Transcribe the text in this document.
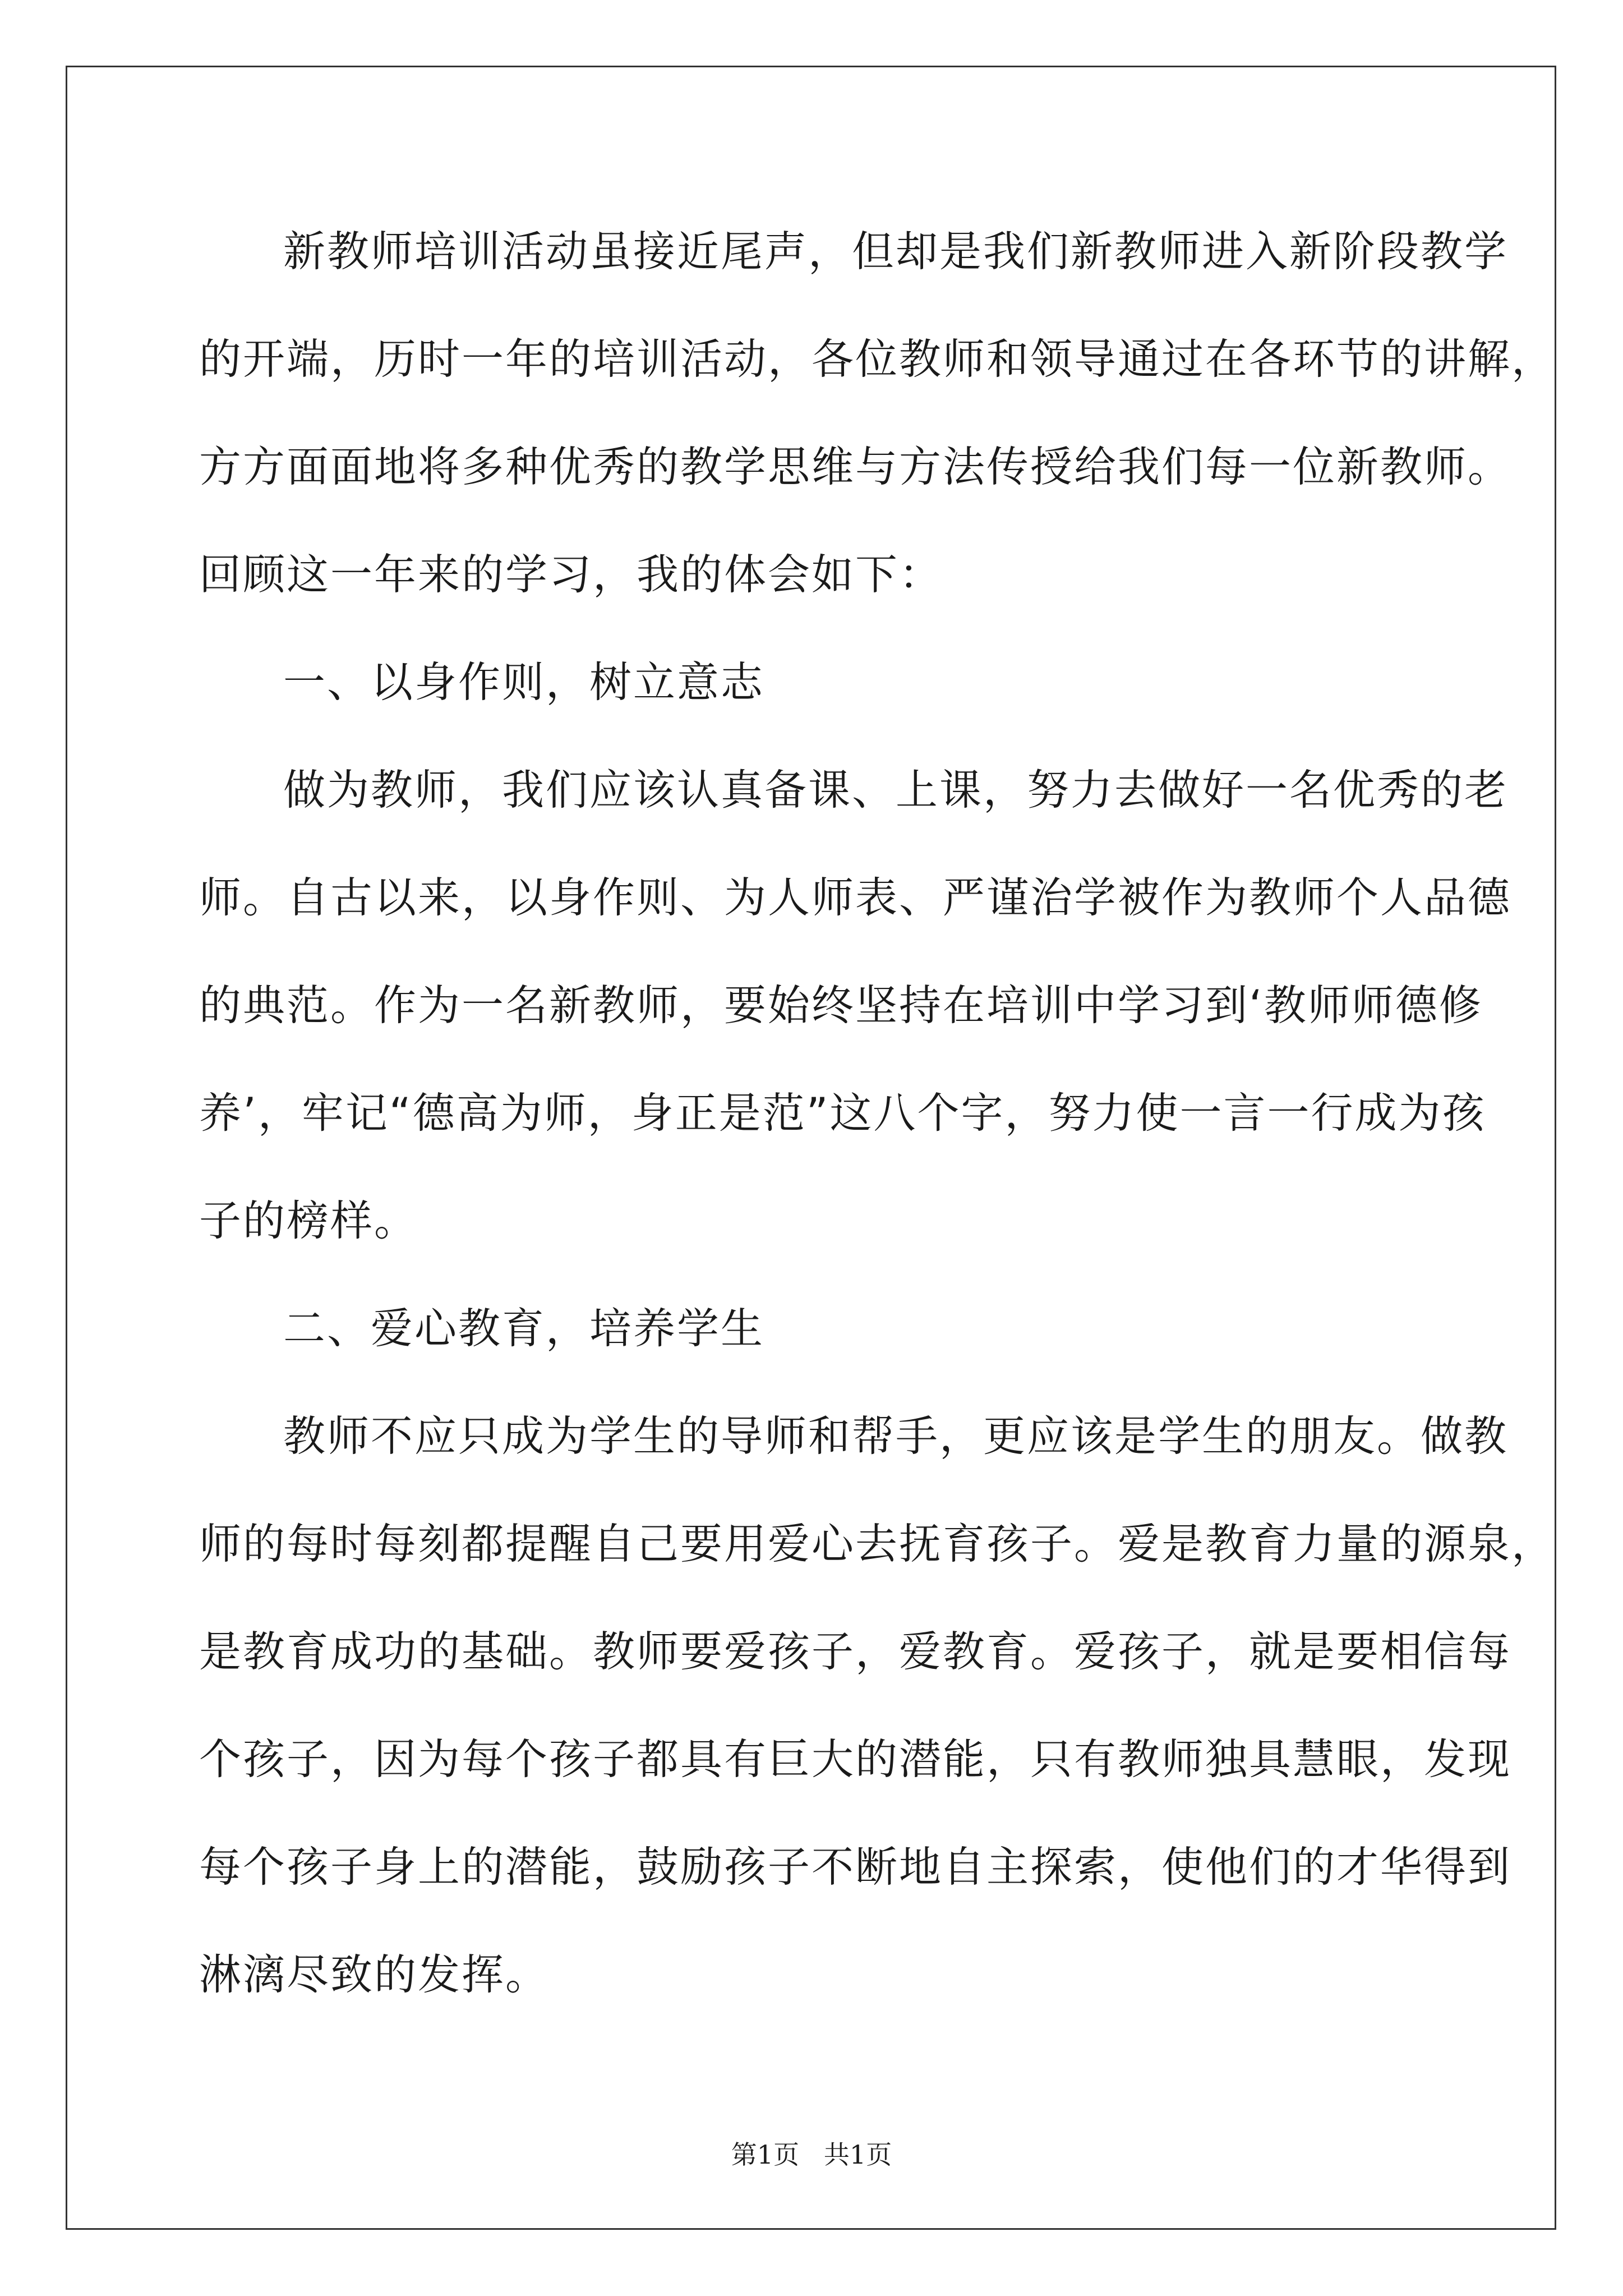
新教师培训活动虽接近尾声，但却是我们新教师进入新阶段教学
的开端，历时一年的培训活动，各位教师和领导通过在各环节的讲解，
方方面面地将多种优秀的教学思维与方法传授给我们每一位新教师。
回顾这一年来的学习，我的体会如下：
一、以身作则，树立意志
做为教师，我们应该认真备课、上课，努力去做好一名优秀的老
师。自古以来，以身作则、为人师表、严谨治学被作为教师个人品德
的典范。作为一名新教师，要始终坚持在培训中学习到‘教师师德修
养’，牢记“德高为师，身正是范”这八个字，努力使一言一行成为孩
子的榜样。
二、爱心教育，培养学生
教师不应只成为学生的导师和帮手，更应该是学生的朋友。做教
师的每时每刻都提醒自己要用爱心去抚育孩子。爱是教育力量的源泉，
是教育成功的基础。教师要爱孩子，爱教育。爱孩子，就是要相信每
个孩子，因为每个孩子都具有巨大的潜能，只有教师独具慧眼，发现
每个孩子身上的潜能，鼓励孩子不断地自主探索，使他们的才华得到
淋漓尽致的发挥。
第1页   共1页
